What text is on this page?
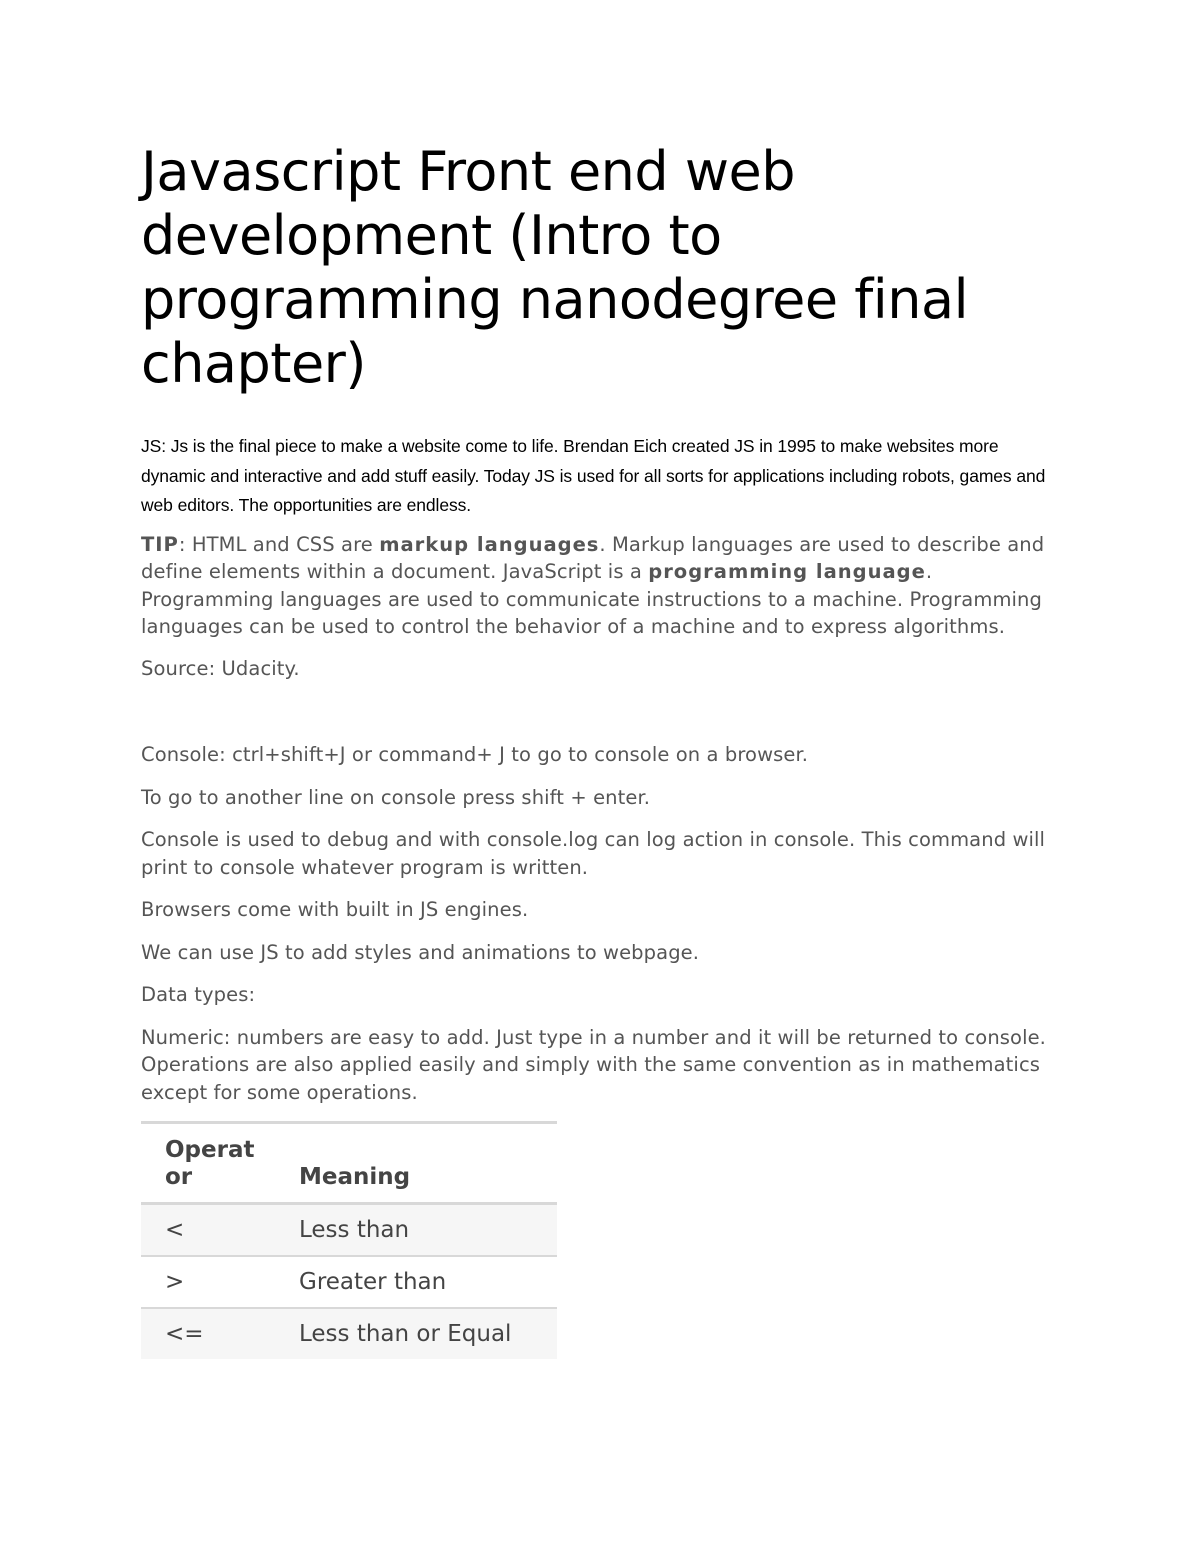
Javascript Front end web development (Intro to programming nanodegree final chapter)

JS: Js is the final piece to make a website come to life. Brendan Eich created JS in 1995 to make websites more dynamic and interactive and add stuff easily. Today JS is used for all sorts for applications including robots, games and web editors. The opportunities are endless.

TIP: HTML and CSS are markup languages. Markup languages are used to describe and define elements within a document. JavaScript is a programming language. Programming languages are used to communicate instructions to a machine. Programming languages can be used to control the behavior of a machine and to express algorithms.

Source: Udacity.

Console: ctrl+shift+J or command+ J to go to console on a browser.

To go to another line on console press shift + enter.

Console is used to debug and with console.log can log action in console. This command will print to console whatever program is written.

Browsers come with built in JS engines.

We can use JS to add styles and animations to webpage.

Data types:

Numeric: numbers are easy to add. Just type in a number and it will be returned to console. Operations are also applied easily and simply with the same convention as in mathematics except for some operations.

Operat or	Meaning
<	Less than
>	Greater than
<=	Less than or Equal
